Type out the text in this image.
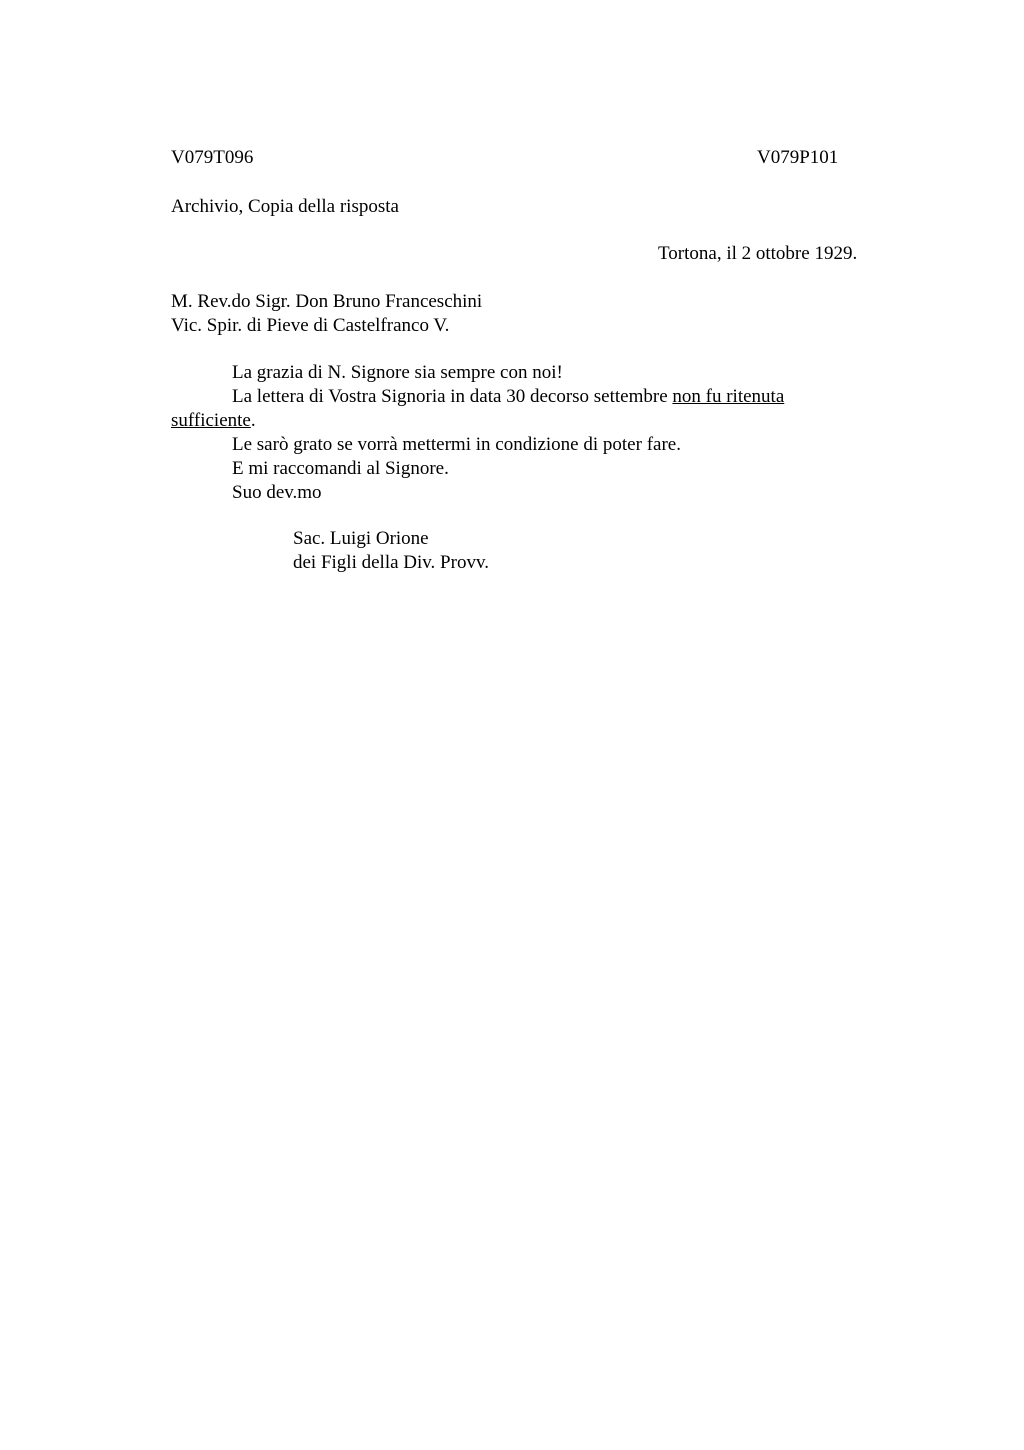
V079T096	V079P101
Archivio, Copia della risposta
Tortona, il 2 ottobre 1929.
M. Rev.do Sigr. Don Bruno Franceschini
Vic. Spir. di Pieve di Castelfranco V.
La grazia di N. Signore sia sempre con noi!
La lettera di Vostra Signoria in data 30 decorso settembre non fu ritenuta
sufficiente.
Le sarò grato se vorrà mettermi in condizione di poter fare.
E mi raccomandi al Signore.
Suo dev.mo
Sac. Luigi Orione
dei Figli della Div. Provv.
